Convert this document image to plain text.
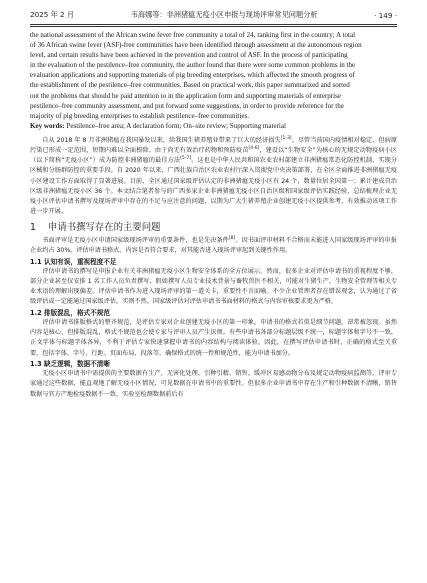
2025 年 2 月	韦海娜等：非洲猪瘟无疫小区申报与现场评审常见问题分析	· 149 ·
the national assessment of the African swine fever free community a total of 24, ranking first in the country; A total
of 36 African swine fever (ASF)-free communities have been identified through assessment at the autonomous region
level, and certain results have been achieved in the prevention and control of ASF. In the process of participating
in the evaluation of the pestilence–free community, the author found that there were some common problems in the
evaluation applications and supporting materials of pig breeding enterprises, which affected the smooth progress of
the establishment of the pestilence–free communities. Based on practical work, this paper summarized and sorted
out the problems that should be paid attention to in the application form and supporting materials of enterprise
pestilence–free community assessment, and put forward some suggestions, in order to provide reference for the
majority of pig breeding enterprises to establish pestilence–free communities.

Key words: Pestilence–free area; A declaration form; On–site review; Supporting material

自从 2018 年 8 月非洲猪瘟在我国暴发以来，给我国生猪养殖业带来了巨大的经济损失[1-3]。尽管当前国内疫情相对稳定，但病原污染已形成一定范围，短期内难以全面根除。由于尚无有效治疗药物和预防疫苗[4-6]，建设以“生物安全”为核心的无规定动物疫病小区（以下简称“无疫小区”）成为防控非洲猪瘟的最佳方法[5-7]。这也是中华人民共和国农业农村部建立非洲猪瘟常态化防控机制、实现分区械和分肠群防控的重要手段。自 2020 年以来，广西壮族自治区农业农村厅深入贯彻党中央决策部署，在全区全面推进非洲猪瘟无疫小区建设工作方面取得了显著进展。目前，全区通过国家级评估认定的非洲猪瘟无疫小区有 24 个，数量位居全国第一；累计建成自治区级非洲猪瘟无疫小区 36 个。本文结合笔者参与的广西多家企业非洲猪瘟无疫小区自治区级和国家级评估实践经验，总结梳理企业无疫小区评估申请书撰写及现场评审中存在的不足与应注意的问题，以期为广大生猪养殖企业创建无疫小区提供参考，有效推动该项工作进一步开展。

1	申请书撰写存在的主要问题

书面评审是无疫小区申请国家级现场评审的重要条件，也是先决条件[8]。因书面评审材料不合格而未能进入国家级现场评审的申报企业约占 30%。评估申请书格式、内容是否符合要求，对其能否进入现场评审起到关键性作用。

1.1 认知有误，重视程度不足

评估申请书的撰写是申报企业有关非洲猪瘟无疫小区生物安全体系的全方位展示。然而，很多企业对评估申请书的重视程度不够，部分企业甚至仅安排 1 名工作人员负责撰写，假如撰写人员专业技术背景与畜牧兽医不相关，可能对生猪生产、生物安全管理等相关专业术语的理解出现偏差。评估申请书作为进入现场评审的第一道关卡，重要性不言而喻。不少企业管理者存在错误观念，认为通过了省级评估或一定能通过国家级评估，实则不然。国家级评估对评估申请书书面材料的格式与内容审核要求更为严格。

1.2 排版混乱，格式不规范

评估申请书排版格式的整齐规范，是评估专家对企业创建无疫小区的第一印象。申请书的格式若似是细节问题，却常被忽视。虽然内容是核心，但排版混乱，格式不规范也会使专家与评审人员产生厌烦。有些申请书各部分标题层级不统一，标题字体和字号不一致，正文字体与标题字体各异，不利于评估专家快速掌握申请书的内容结构与阅读体验。因此，在撰写评估申请书时，正确的格式至关重要，包括字体、字号、行距、页面布局、段落等。确保格式的统一性和规范性，能为申请书加分。

1.3 缺乏逻辑，数据不清晰

无疫小区申请书中需提供的主要数据有生产、无害化处理、引种引精、销售、缓冲区易感动物分布及规定动物疫病监测等。评审专家通过这些数据，能直观地了解无疫小区情况，可见数据在申请书中的重要性。但很多企业申请书中存在生产和引种数据不清晰，销售数据与官方产地检疫数据不一致，实验室检测数据前后有
